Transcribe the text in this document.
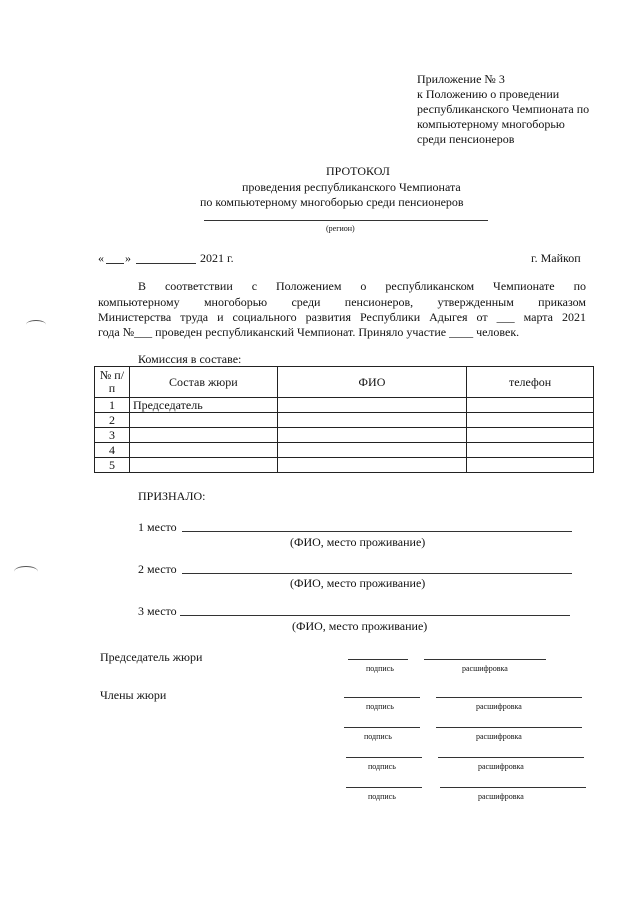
Приложение № 3
к Положению о проведении
республиканского Чемпионата по
компьютерному многоборью
среди пенсионеров
ПРОТОКОЛ
проведения республиканского Чемпионата
по компьютерному многоборью среди пенсионеров
(регион)
« »	2021 г.	г. Майкоп
В соответствии с Положением о республиканском Чемпионате по
компьютерному многоборью среди пенсионеров, утвержденным приказом
Министерства труда и социального развития Республики Адыгея от ___ марта 2021
года №___ проведен республиканский Чемпионат. Приняло участие ____ человек.
Комиссия в составе:
№ п/п	Состав жюри	ФИО	телефон
1	Председатель		
2			
3			
4			
5			
ПРИЗНАЛО:
1 место
(ФИО, место проживание)
2 место
(ФИО, место проживание)
3 место
(ФИО, место проживание)
Председатель жюри
подпись	расшифровка
Члены жюри
подпись	расшифровка
подпись	расшифровка
подпись	расшифровка
подпись	расшифровка
